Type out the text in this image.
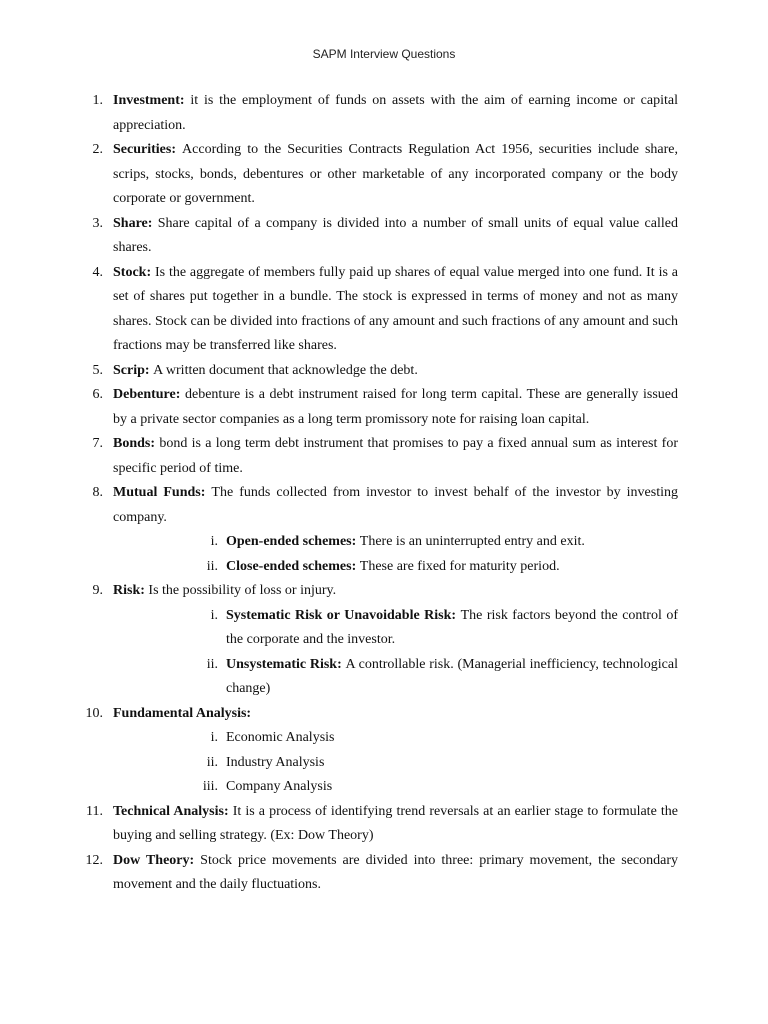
SAPM Interview Questions
1. Investment: it is the employment of funds on assets with the aim of earning income or capital appreciation.
2. Securities: According to the Securities Contracts Regulation Act 1956, securities include share, scrips, stocks, bonds, debentures or other marketable of any incorporated company or the body corporate or government.
3. Share: Share capital of a company is divided into a number of small units of equal value called shares.
4. Stock: Is the aggregate of members fully paid up shares of equal value merged into one fund. It is a set of shares put together in a bundle. The stock is expressed in terms of money and not as many shares. Stock can be divided into fractions of any amount and such fractions of any amount and such fractions may be transferred like shares.
5. Scrip: A written document that acknowledge the debt.
6. Debenture: debenture is a debt instrument raised for long term capital. These are generally issued by a private sector companies as a long term promissory note for raising loan capital.
7. Bonds: bond is a long term debt instrument that promises to pay a fixed annual sum as interest for specific period of time.
8. Mutual Funds: The funds collected from investor to invest behalf of the investor by investing company.
i. Open-ended schemes: There is an uninterrupted entry and exit.
ii. Close-ended schemes: These are fixed for maturity period.
9. Risk: Is the possibility of loss or injury.
i. Systematic Risk or Unavoidable Risk: The risk factors beyond the control of the corporate and the investor.
ii. Unsystematic Risk: A controllable risk. (Managerial inefficiency, technological change)
10. Fundamental Analysis:
i. Economic Analysis
ii. Industry Analysis
iii. Company Analysis
11. Technical Analysis: It is a process of identifying trend reversals at an earlier stage to formulate the buying and selling strategy. (Ex: Dow Theory)
12. Dow Theory: Stock price movements are divided into three: primary movement, the secondary movement and the daily fluctuations.
